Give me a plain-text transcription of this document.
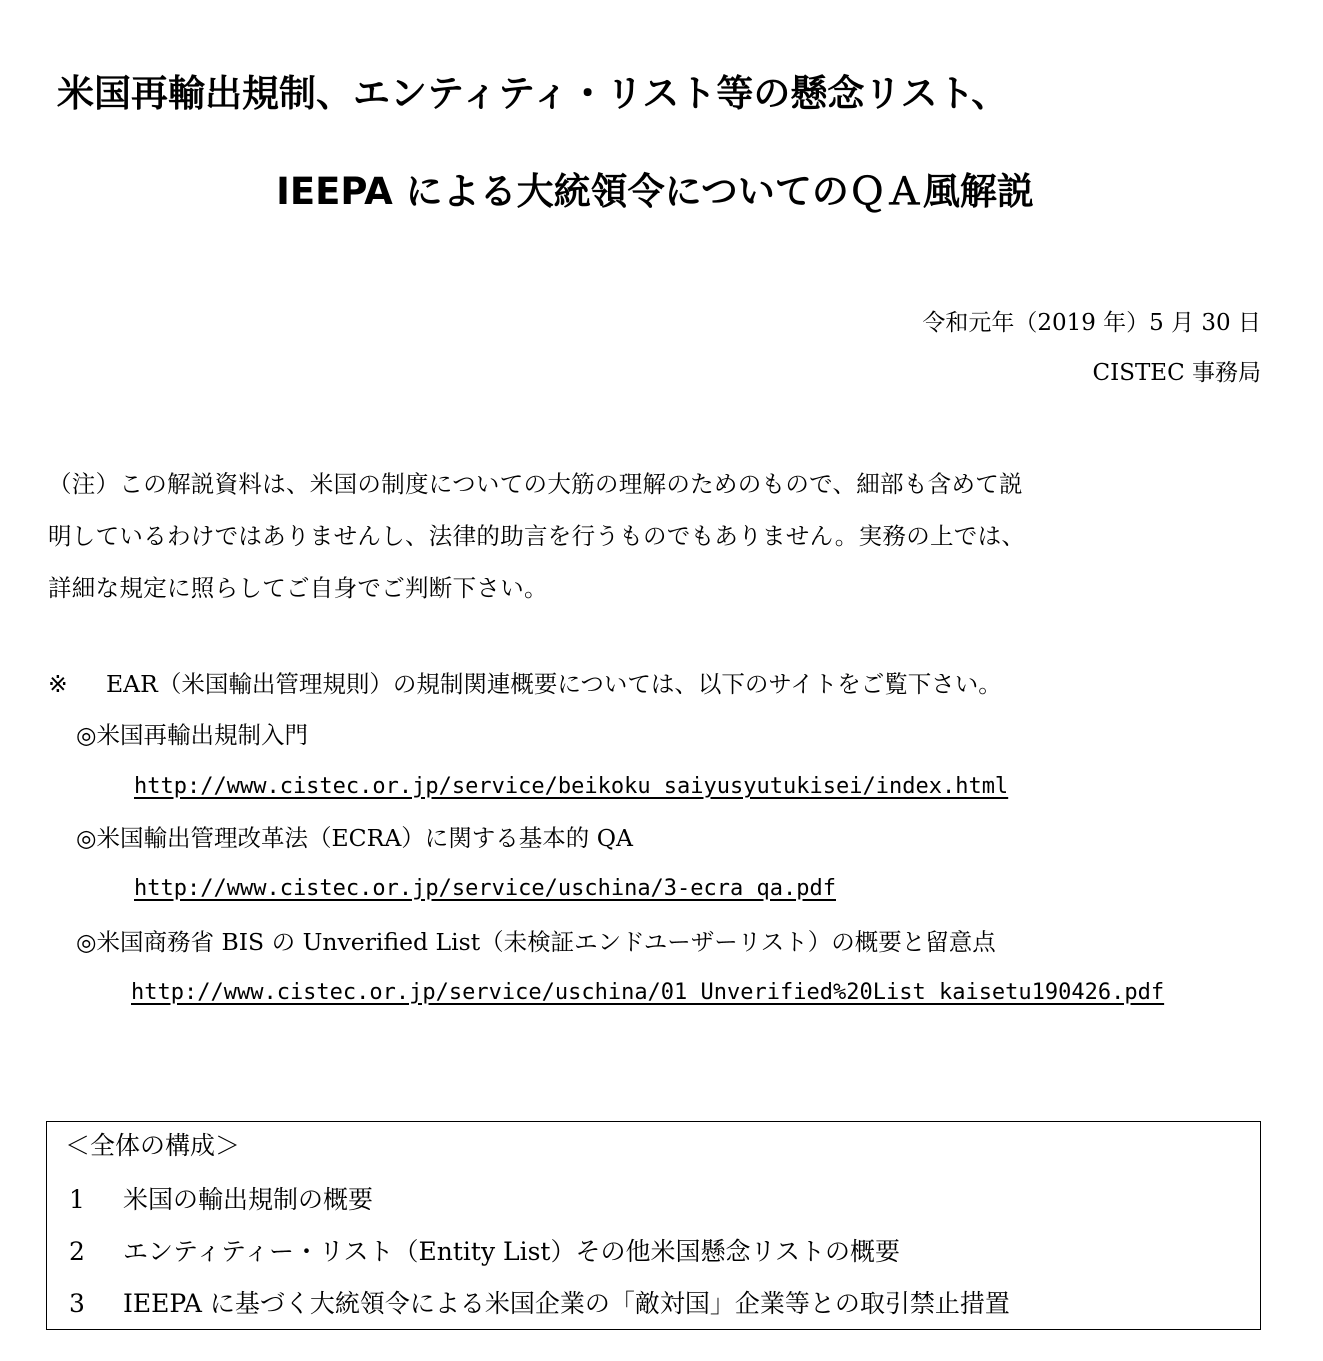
米国再輸出規制、エンティティ・リスト等の懸念リスト、
IEEPA による大統領令についてのＱＡ風解説
令和元年（2019 年）5 月 30 日
CISTEC 事務局

（注）この解説資料は、米国の制度についての大筋の理解のためのもので、細部も含めて説

明しているわけではありませんし、法律的助言を行うものでもありません。実務の上では、

詳細な規定に照らしてご自身でご判断下さい。

※ EAR（米国輸出管理規則）の規制関連概要については、以下のサイトをご覧下さい。
◎米国再輸出規制入門
http://www.cistec.or.jp/service/beikoku_saiyusyutukisei/index.html
◎米国輸出管理改革法（ECRA）に関する基本的 QA
http://www.cistec.or.jp/service/uschina/3-ecra_qa.pdf
◎米国商務省 BIS の Unverified List（未検証エンドユーザーリスト）の概要と留意点
http://www.cistec.or.jp/service/uschina/01_Unverified%20List_kaisetu190426.pdf
＜全体の構成＞
1 米国の輸出規制の概要
2 エンティティー・リスト（Entity List）その他米国懸念リストの概要
3 IEEPA に基づく大統領令による米国企業の「敵対国」企業等との取引禁止措置
